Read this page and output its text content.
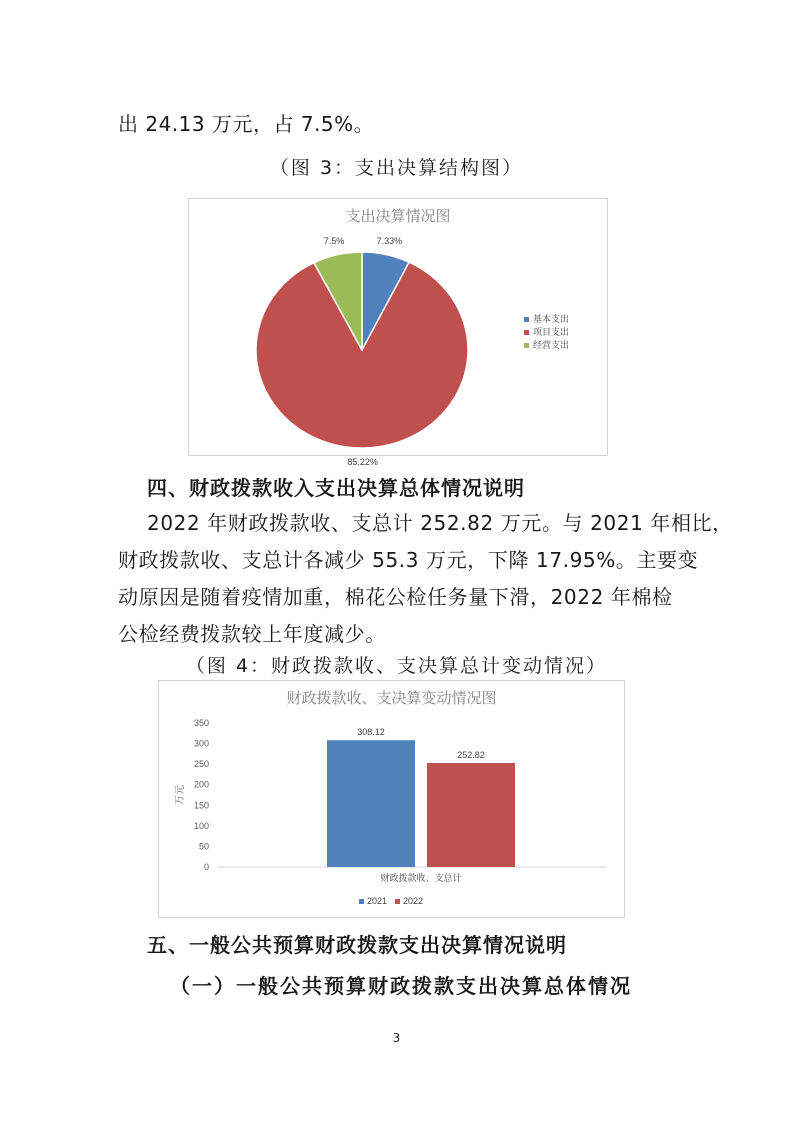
出 24.13 万元，占 7.5%。
（图 3：支出决算结构图）
支出决算情况图
7.33%
85.22%
7.5%
基本支出
项目支出
经营支出
四、财政拨款收入支出决算总体情况说明
2022 年财政拨款收、支总计 252.82 万元。与 2021 年相比，
财政拨款收、支总计各减少 55.3 万元，下降 17.95%。主要变
动原因是随着疫情加重，棉花公检任务量下滑，2022 年棉检
公检经费拨款较上年度减少。
（图 4：财政拨款收、支决算总计变动情况）
财政拨款收、支决算变动情况图
0
50
100
150
200
250
300
350
万元
308.12
252.82
财政拨款收、支总计
2021 2022
五、一般公共预算财政拨款支出决算情况说明
（一）一般公共预算财政拨款支出决算总体情况
3
